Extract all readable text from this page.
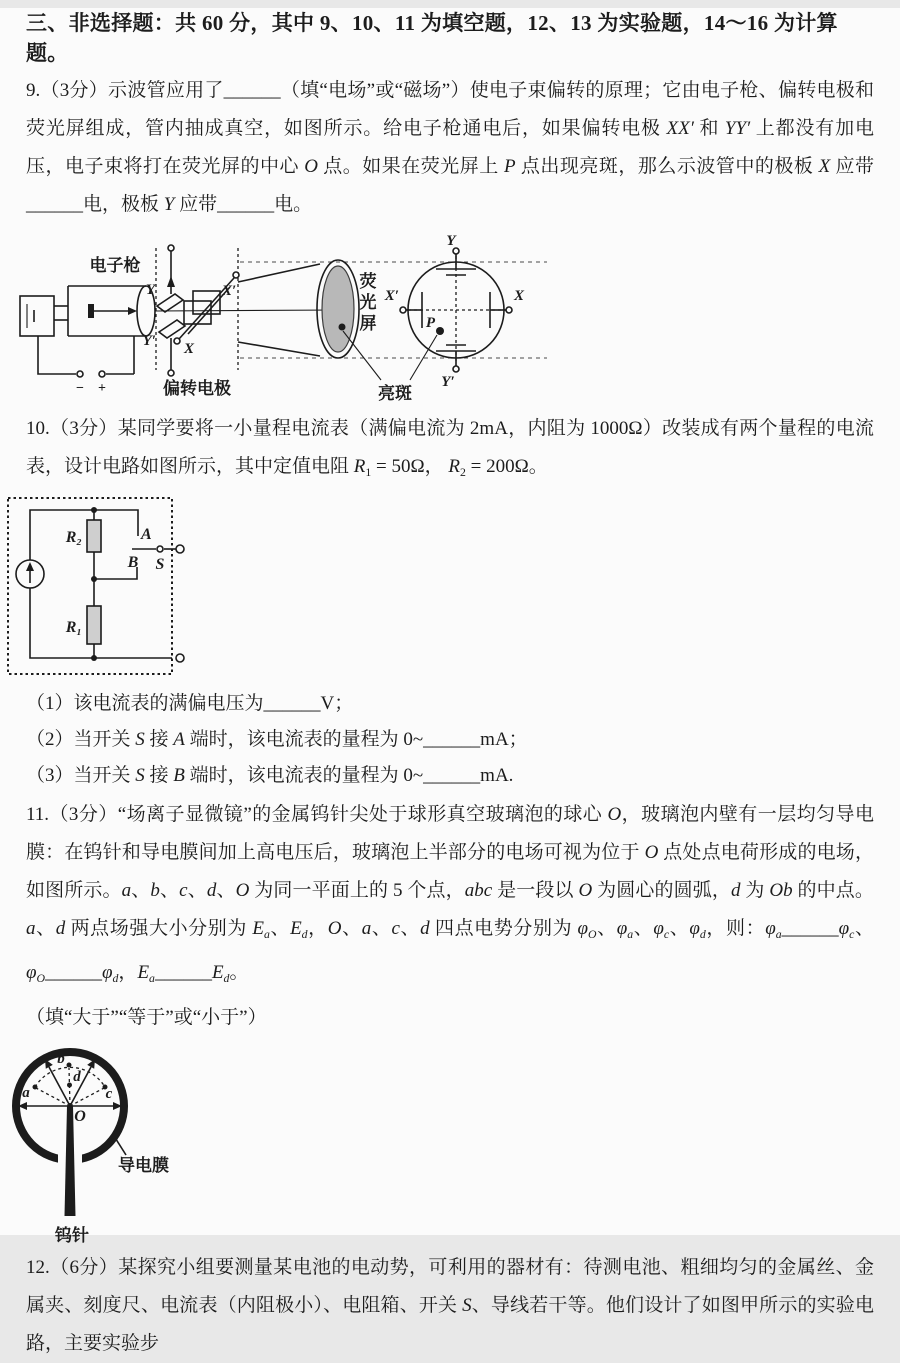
三、非选择题：共 60 分，其中 9、10、11 为填空题，12、13 为实验题，14～16 为计算题。

9.（3分）示波管应用了______（填“电场”或“磁场”）使电子束偏转的原理；它由电子枪、偏转电极和荧光屏组成，管内抽成真空，如图所示。给电子枪通电后，如果偏转电极 XX′ 和 YY′ 上都没有加电压，电子束将打在荧光屏的中心 O 点。如果在荧光屏上 P 点出现亮斑，那么示波管中的极板 X 应带______电，极板 Y 应带______电。

− +
电子枪
Y
Y′
X′
X
偏转电极
荧光屏
亮斑
Y
Y′
X′	X
P

10.（3分）某同学要将一小量程电流表（满偏电流为 2mA，内阻为 1000Ω）改装成有两个量程的电流表，设计电路如图所示，其中定值电阻 R1 = 50Ω， R2 = 200Ω。

R₂
R₁
A
B S

（1）该电流表的满偏电压为______V；

（2）当开关 S 接 A 端时，该电流表的量程为 0~______mA；

（3）当开关 S 接 B 端时，该电流表的量程为 0~______mA.

11.（3分）“场离子显微镜”的金属钨针尖处于球形真空玻璃泡的球心 O，玻璃泡内壁有一层均匀导电膜：在钨针和导电膜间加上高电压后，玻璃泡上半部分的电场可视为位于 O 点处点电荷形成的电场，如图所示。a、b、c、d、O 为同一平面上的 5 个点，abc 是一段以 O 为圆心的圆弧，d 为 Ob 的中点。a、d 两点场强大小分别为 Ea、Ed，O、a、c、d 四点电势分别为 φO、φa、φc、φd，则：φa______φc、φO______φd，Ea______Ed。

（填“大于”“等于”或“小于”）

a
b
c
d
O
导电膜
钨针

12.（6分）某探究小组要测量某电池的电动势，可利用的器材有：待测电池、粗细均匀的金属丝、金属夹、刻度尺、电流表（内阻极小）、电阻箱、开关 S、导线若干等。他们设计了如图甲所示的实验电路，主要实验步
